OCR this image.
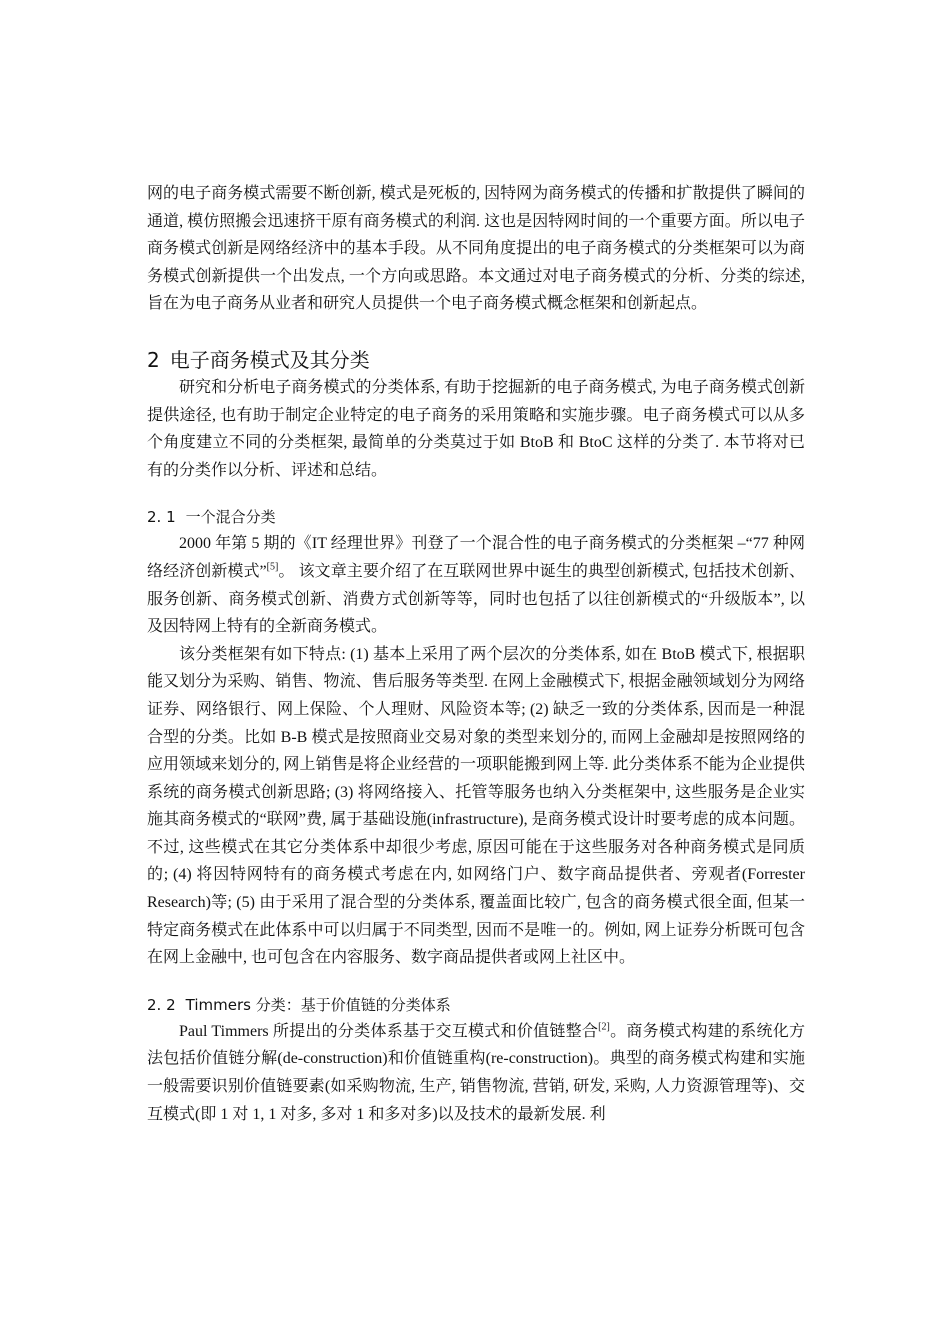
网的电子商务模式需要不断创新, 模式是死板的, 因特网为商务模式的传播和扩散提供了瞬间的通道, 模仿照搬会迅速挤干原有商务模式的利润. 这也是因特网时间的一个重要方面。所以电子商务模式创新是网络经济中的基本手段。从不同角度提出的电子商务模式的分类框架可以为商务模式创新提供一个出发点, 一个方向或思路。本文通过对电子商务模式的分析、分类的综述, 旨在为电子商务从业者和研究人员提供一个电子商务模式概念框架和创新起点。

2 电子商务模式及其分类

研究和分析电子商务模式的分类体系, 有助于挖掘新的电子商务模式, 为电子商务模式创新提供途径, 也有助于制定企业特定的电子商务的采用策略和实施步骤。电子商务模式可以从多个角度建立不同的分类框架, 最简单的分类莫过于如 BtoB 和 BtoC 这样的分类了. 本节将对已有的分类作以分析、评述和总结。

2. 1 一个混合分类

2000 年第 5 期的《IT 经理世界》刊登了一个混合性的电子商务模式的分类框架 –“77 种网络经济创新模式”[5]。 该文章主要介绍了在互联网世界中诞生的典型创新模式, 包括技术创新、服务创新、商务模式创新、消费方式创新等等，同时也包括了以往创新模式的“升级版本”, 以及因特网上特有的全新商务模式。

该分类框架有如下特点: (1) 基本上采用了两个层次的分类体系, 如在 BtoB 模式下, 根据职能又划分为采购、销售、物流、售后服务等类型. 在网上金融模式下, 根据金融领域划分为网络证券、网络银行、网上保险、个人理财、风险资本等; (2) 缺乏一致的分类体系, 因而是一种混合型的分类。比如 B-B 模式是按照商业交易对象的类型来划分的, 而网上金融却是按照网络的应用领域来划分的, 网上销售是将企业经营的一项职能搬到网上等. 此分类体系不能为企业提供系统的商务模式创新思路; (3) 将网络接入、托管等服务也纳入分类框架中, 这些服务是企业实施其商务模式的“联网”费, 属于基础设施(infrastructure), 是商务模式设计时要考虑的成本问题。不过, 这些模式在其它分类体系中却很少考虑, 原因可能在于这些服务对各种商务模式是同质的; (4) 将因特网特有的商务模式考虑在内, 如网络门户、数字商品提供者、旁观者(Forrester Research)等; (5) 由于采用了混合型的分类体系, 覆盖面比较广, 包含的商务模式很全面, 但某一特定商务模式在此体系中可以归属于不同类型, 因而不是唯一的。例如, 网上证券分析既可包含在网上金融中, 也可包含在内容服务、数字商品提供者或网上社区中。

2. 2 Timmers 分类：基于价值链的分类体系

Paul Timmers 所提出的分类体系基于交互模式和价值链整合[2]。商务模式构建的系统化方法包括价值链分解(de-construction)和价值链重构(re-construction)。典型的商务模式构建和实施一般需要识别价值链要素(如采购物流, 生产, 销售物流, 营销, 研发, 采购, 人力资源管理等)、交互模式(即 1 对 1, 1 对多, 多对 1 和多对多)以及技术的最新发展. 利
